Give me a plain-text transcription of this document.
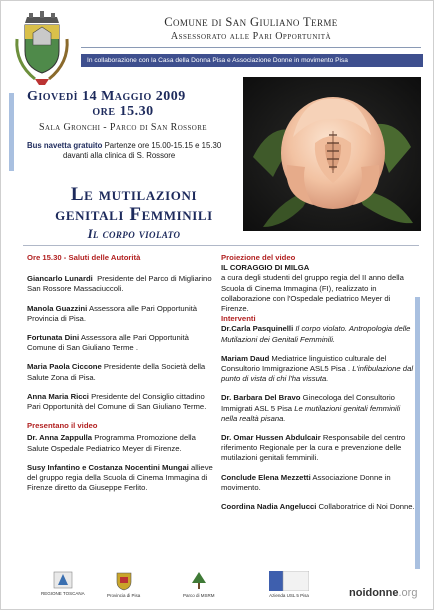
Comune di San Giuliano Terme
Assessorato alle Pari Opportunità
In collaborazione con la Casa della Donna Pisa e Associazione Donne in movimento Pisa
Giovedì 14 Maggio 2009
ore 15.30
Sala Gronchi - Parco di San Rossore
Bus navetta gratuito Partenze ore 15.00-15.15 e 15.30
davanti alla clinica di S. Rossore
Le mutilazioni
genitali Femminili
Il corpo violato
Ore 15.30 - Saluti delle Autorità
Giancarlo Lunardi Presidente del Parco di Migliarino San Rossore Massaciuccoli.
Manola Guazzini Assessora alle Pari Opportunità Provincia di Pisa.
Fortunata Dini Assessora alle Pari Opportunità Comune di San Giuliano Terme .
Maria Paola Ciccone Presidente della Società della Salute Zona di Pisa.
Anna Maria Ricci Presidente del Consiglio cittadino Pari Opportunità del Comune di San Giuliano Terme.
Presentano il video
Dr. Anna Zappulla Programma Promozione della Salute Ospedale Pediatrico Meyer di Firenze.
Susy Infantino e Costanza Nocentini Mungai allieve del gruppo regia della Scuola di Cinema Immagina di Firenze diretto da Giuseppe Ferlito.
Proiezione del video
IL CORAGGIO DI MILGA
a cura degli studenti del gruppo regia del II anno della Scuola di Cinema Immagina (FI), realizzato in collaborazione con l'Ospedale pediatrico Meyer di Firenze.
Interventi
Dr.Carla Pasquinelli Il corpo violato. Antropologia delle Mutilazioni dei Genitali Femminili.
Mariam Daud Mediatrice linguistico culturale del Consultorio Immigrazione ASL5 Pisa . L'infibulazione dal punto di vista di chi l'ha vissuta.
Dr. Barbara Del Bravo Ginecologa del Consultorio Immigrati ASL 5 Pisa Le mutilazioni genitali femminili nella realtà pisana.
Dr. Omar Hussen Abdulcair Responsabile del centro riferimento Regionale per la cura e prevenzione delle mutilazioni genitali femminili.
Conclude Elena Mezzetti Associazione Donne in movimento.
Coordina Nadia Angelucci Collaboratrice di Noi Donne.
REGIONE TOSCANA	Provincia di Pisa	Parco di MSRM	Azienda USL 5 Pisa	noidonne.org
